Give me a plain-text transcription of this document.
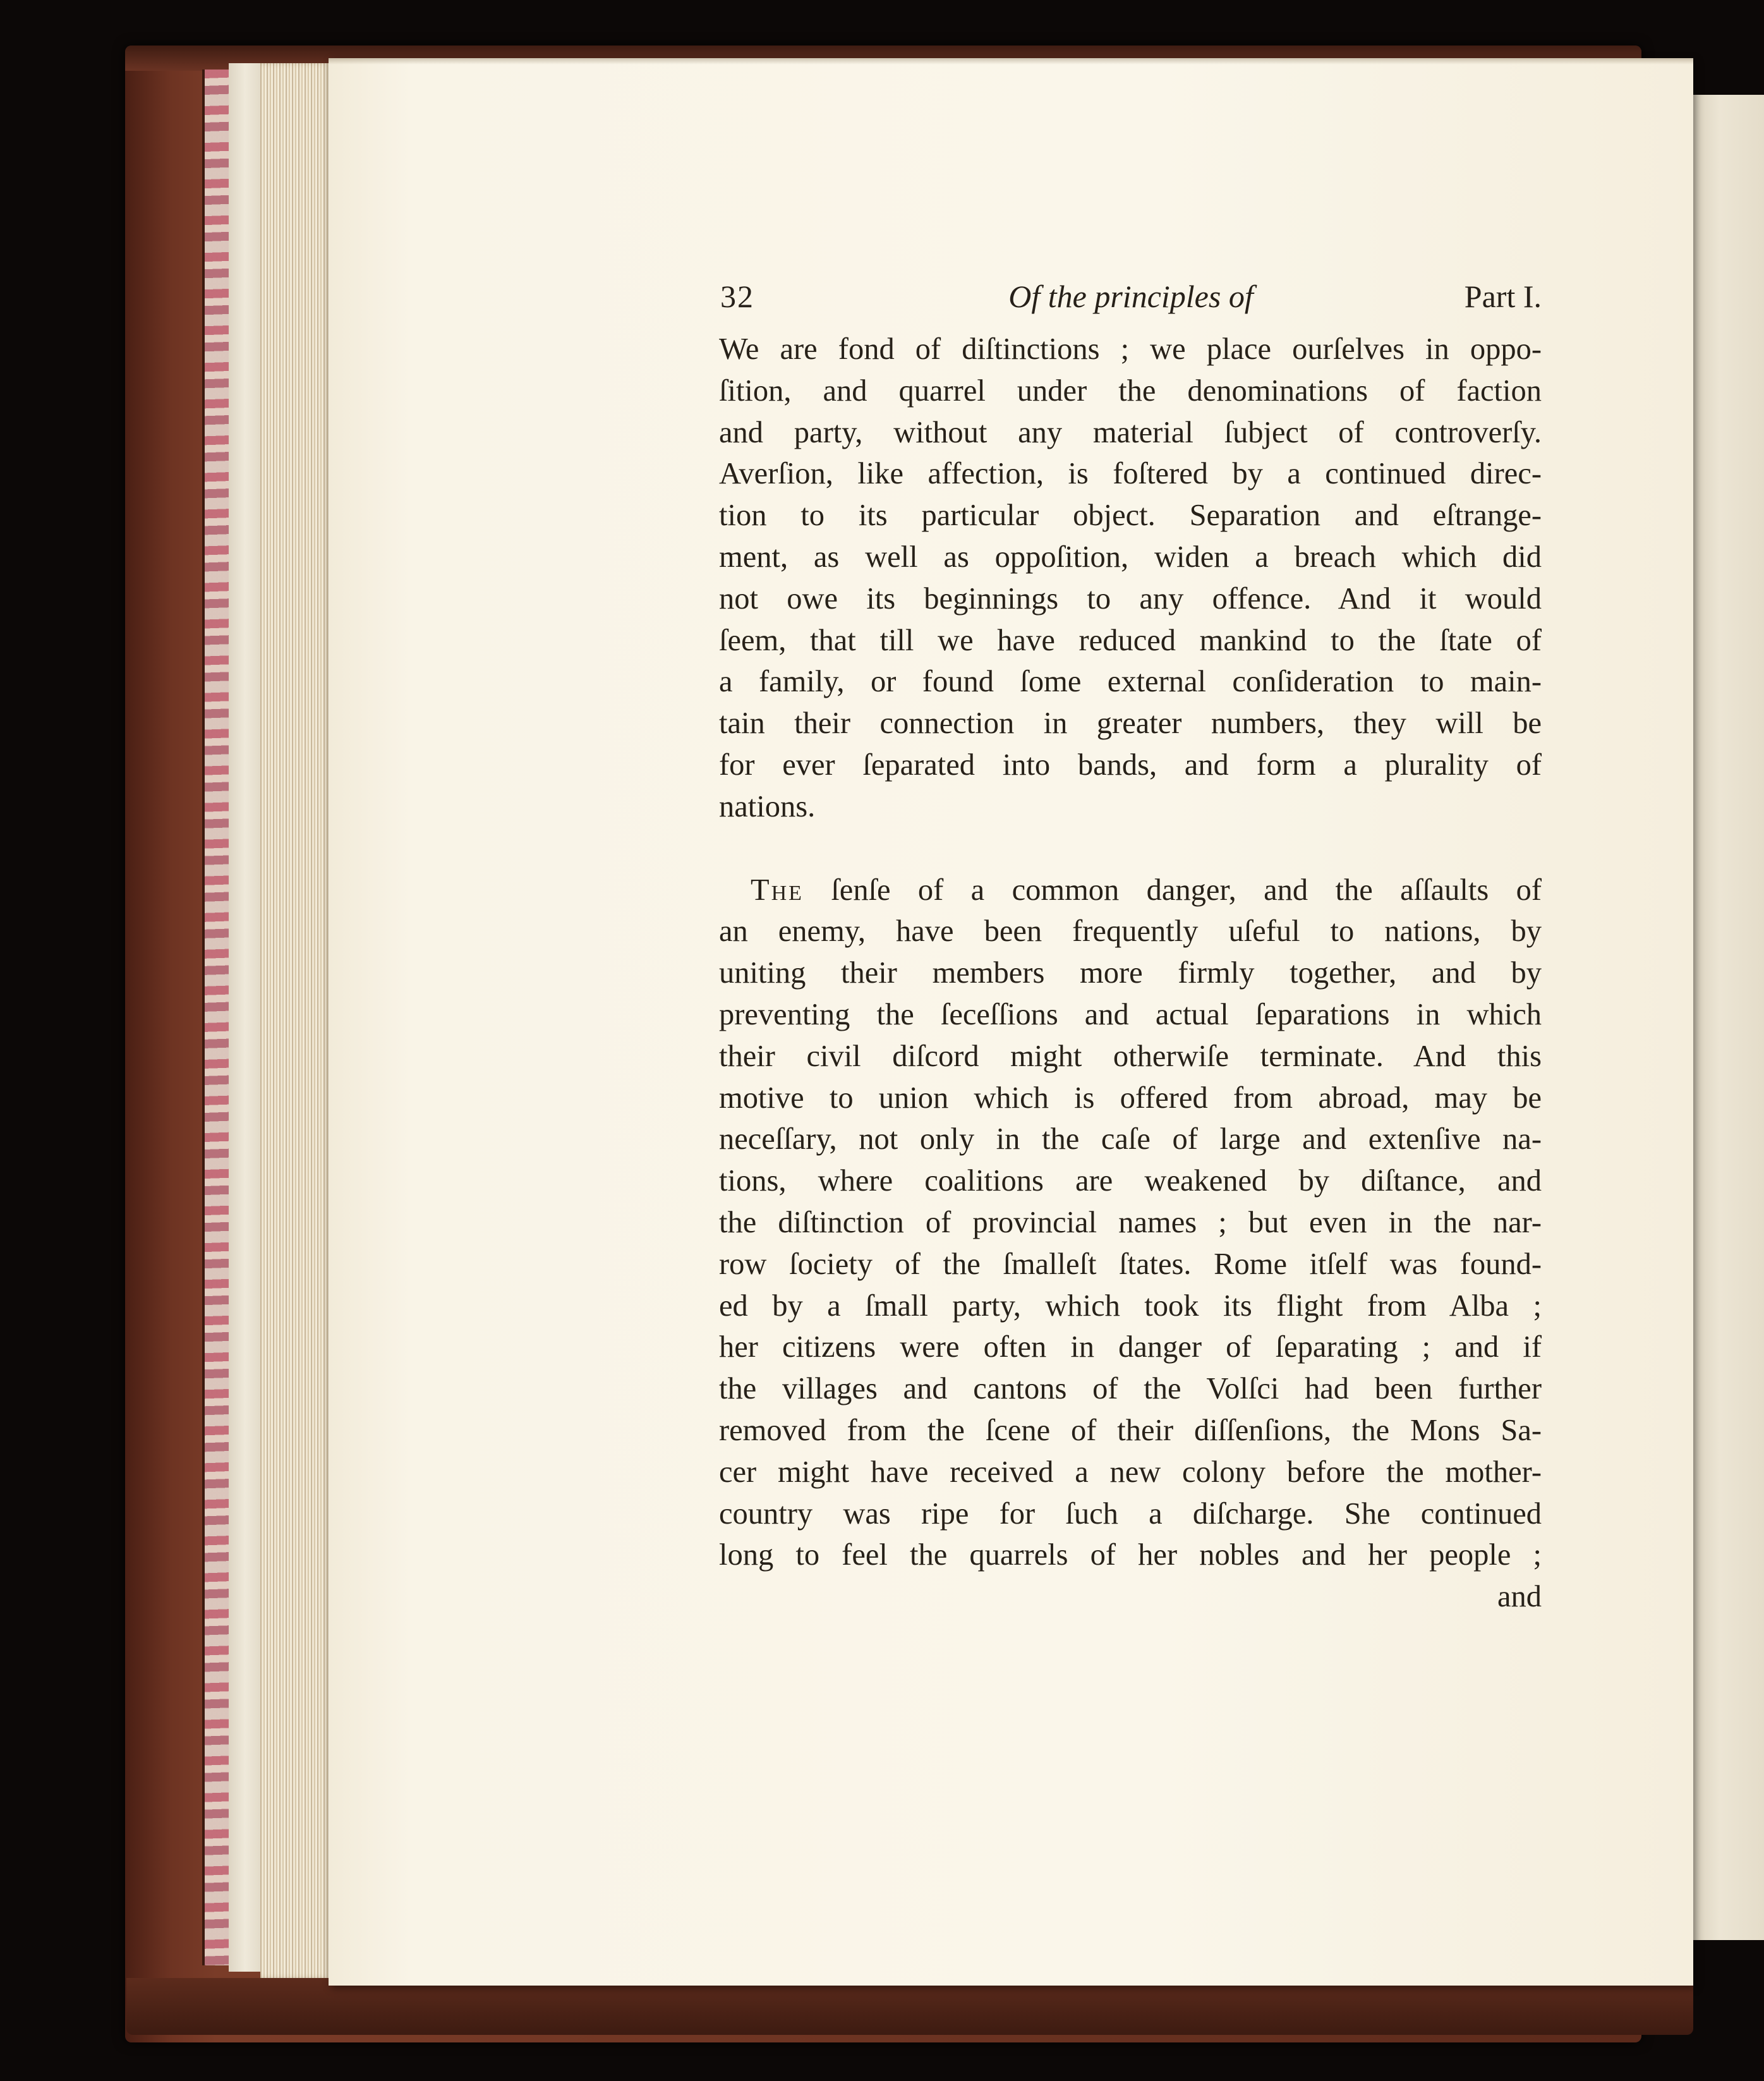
32	Of the principles of	Part I.
We are fond of diſtinctions ; we place ourſelves in oppo-
ſition, and quarrel under the denominations of faction
and party, without any material ſubject of controverſy.
Averſion, like affection, is foſtered by a continued direc-
tion to its particular object. Separation and eſtrange-
ment, as well as oppoſition, widen a breach which did
not owe its beginnings to any offence. And it would
ſeem, that till we have reduced mankind to the ſtate of
a family, or found ſome external conſideration to main-
tain their connection in greater numbers, they will be
for ever ſeparated into bands, and form a plurality of
nations.
The ſenſe of a common danger, and the aſſaults of
an enemy, have been frequently uſeful to nations, by
uniting their members more firmly together, and by
preventing the ſeceſſions and actual ſeparations in which
their civil diſcord might otherwiſe terminate. And this
motive to union which is offered from abroad, may be
neceſſary, not only in the caſe of large and extenſive na-
tions, where coalitions are weakened by diſtance, and
the diſtinction of provincial names ; but even in the nar-
row ſociety of the ſmalleſt ſtates. Rome itſelf was found-
ed by a ſmall party, which took its flight from Alba ;
her citizens were often in danger of ſeparating ; and if
the villages and cantons of the Volſci had been further
removed from the ſcene of their diſſenſions, the Mons Sa-
cer might have received a new colony before the mother-
country was ripe for ſuch a diſcharge. She continued
long to feel the quarrels of her nobles and her people ;
and
